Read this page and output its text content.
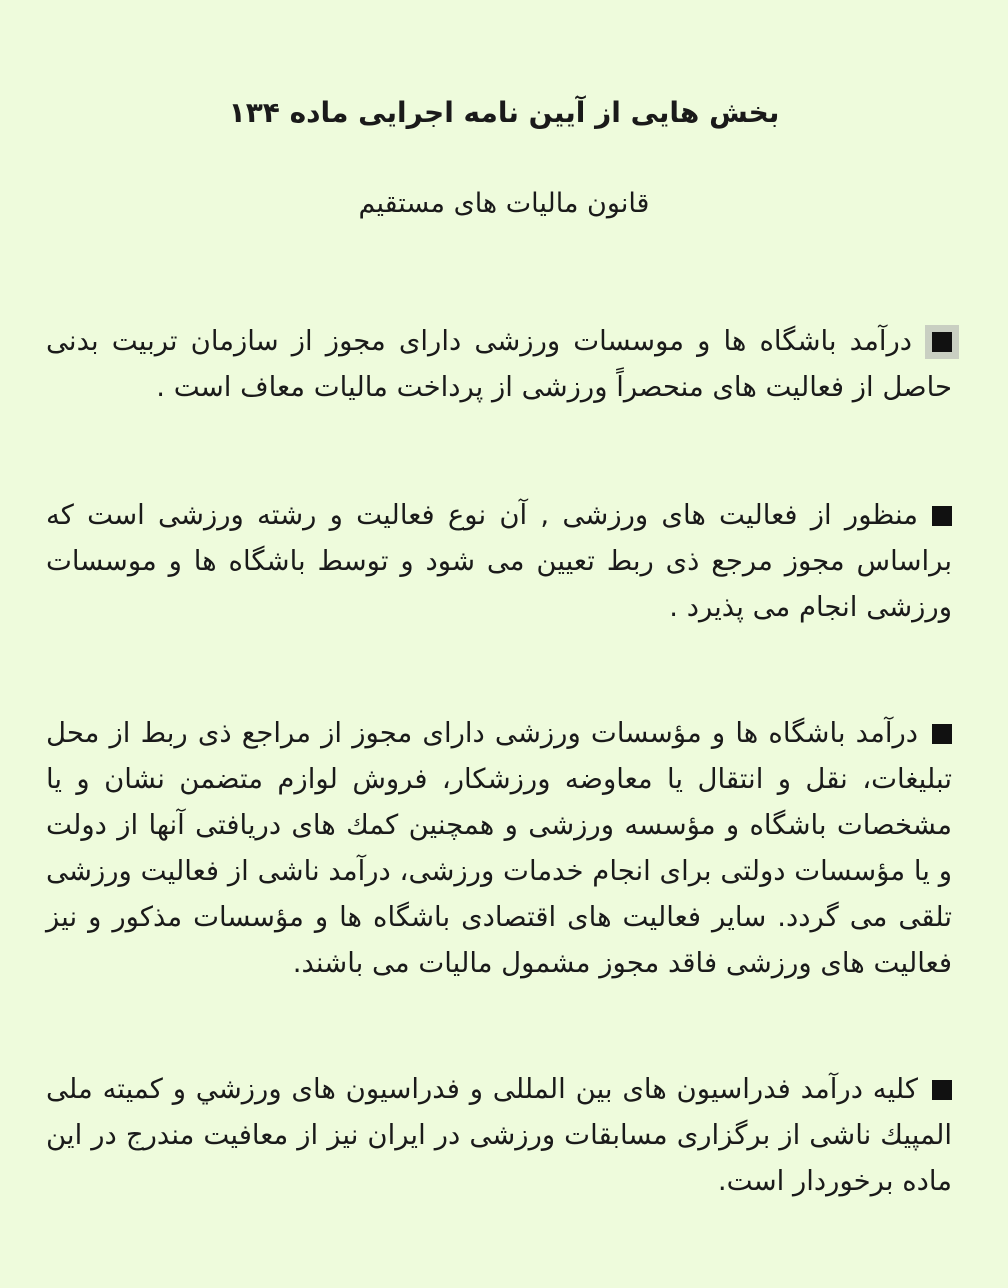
بخش هایی از آیین نامه اجرایی ماده ۱۳۴
قانون مالیات های مستقیم

درآمد باشگاه ها و موسسات ورزشی دارای مجوز از سازمان تربیت بدنی حاصل از فعالیت های منحصراً ورزشی از پرداخت مالیات معاف است .

منظور از فعالیت های ورزشی , آن نوع فعالیت و رشته ورزشی است که براساس مجوز مرجع ذی ربط تعیین می شود و توسط باشگاه ها و موسسات ورزشی انجام می پذیرد .

درآمد باشگاه ها و مؤسسات ورزشی دارای مجوز از مراجع ذی ربط از محل تبلیغات، نقل و انتقال یا معاوضه ورزشکار، فروش لوازم متضمن نشان و یا مشخصات باشگاه و مؤسسه ورزشی و همچنین کمك های دریافتی آنها از دولت و یا مؤسسات دولتی برای انجام خدمات ورزشی، درآمد ناشی از فعالیت ورزشی تلقی می گردد. سایر فعالیت های اقتصادی باشگاه ها و مؤسسات مذکور و نیز فعالیت های ورزشی فاقد مجوز مشمول مالیات می باشند.

کلیه درآمد فدراسیون های بین المللی و فدراسیون های ورزشي و کمیته ملی المپیك ناشی از برگزاری مسابقات ورزشی در ایران نیز از معافیت مندرج در این ماده برخوردار است.
